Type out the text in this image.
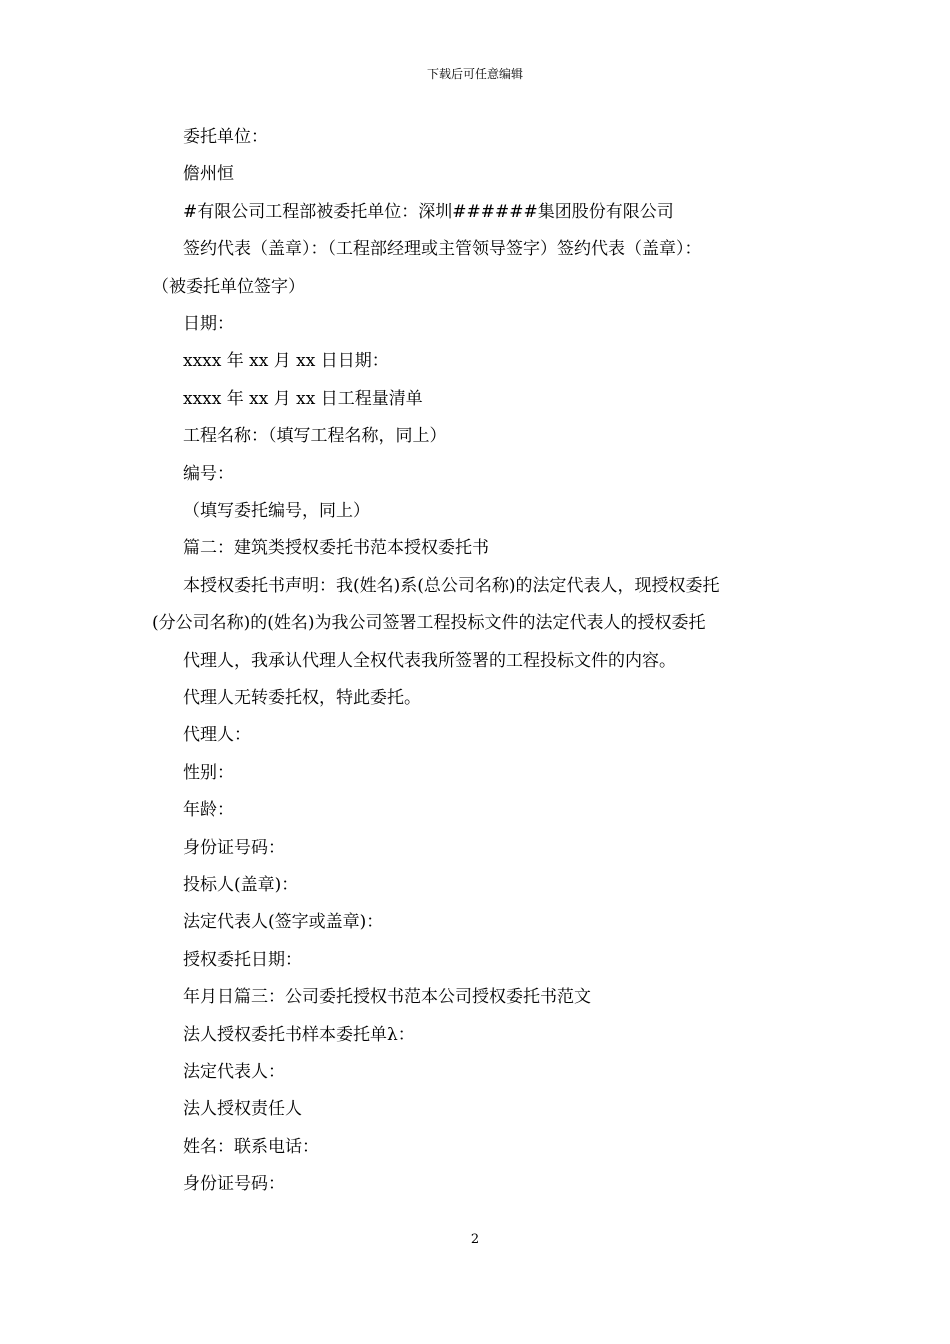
下载后可任意编辑
委托单位：
儋州恒
#有限公司工程部被委托单位：深圳######集团股份有限公司
签约代表（盖章）：（工程部经理或主管领导签字）签约代表（盖章）：
（被委托单位签字）
日期：
xxxx 年 xx 月 xx 日日期：
xxxx 年 xx 月 xx 日工程量清单
工程名称：（填写工程名称，同上）
编号：
（填写委托编号，同上）
篇二：建筑类授权委托书范本授权委托书
本授权委托书声明：我(姓名)系(总公司名称)的法定代表人，现授权委托
(分公司名称)的(姓名)为我公司签署工程投标文件的法定代表人的授权委托
代理人，我承认代理人全权代表我所签署的工程投标文件的内容。
代理人无转委托权，特此委托。
代理人：
性别：
年龄：
身份证号码：
投标人(盖章)：
法定代表人(签字或盖章)：
授权委托日期：
年月日篇三：公司委托授权书范本公司授权委托书范文
法人授权委托书样本委托单λ：
法定代表人：
法人授权责任人
姓名：联系电话：
身份证号码：
2
